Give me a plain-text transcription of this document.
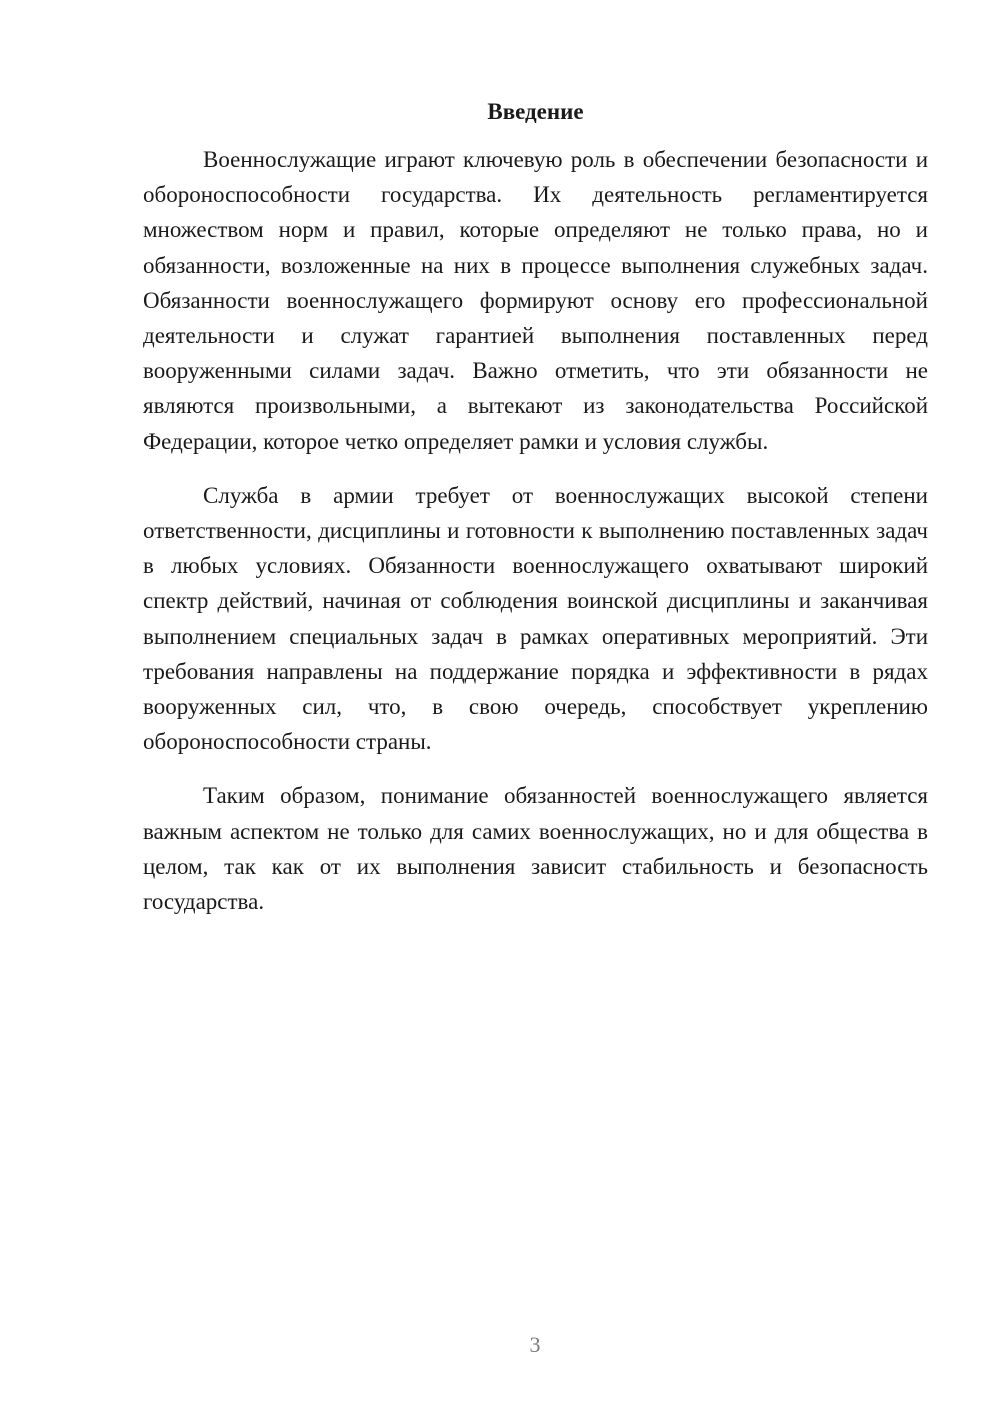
Введение

Военнослужащие играют ключевую роль в обеспечении безопасности и обороноспособности государства. Их деятельность регламентируется множеством норм и правил, которые определяют не только права, но и обязанности, возложенные на них в процессе выполнения служебных задач. Обязанности военнослужащего формируют основу его профессиональной деятельности и служат гарантией выполнения поставленных перед вооруженными силами задач. Важно отметить, что эти обязанности не являются произвольными, а вытекают из законодательства Российской Федерации, которое четко определяет рамки и условия службы.

Служба в армии требует от военнослужащих высокой степени ответственности, дисциплины и готовности к выполнению поставленных задач в любых условиях. Обязанности военнослужащего охватывают широкий спектр действий, начиная от соблюдения воинской дисциплины и заканчивая выполнением специальных задач в рамках оперативных мероприятий. Эти требования направлены на поддержание порядка и эффективности в рядах вооруженных сил, что, в свою очередь, способствует укреплению обороноспособности страны.

Таким образом, понимание обязанностей военнослужащего является важным аспектом не только для самих военнослужащих, но и для общества в целом, так как от их выполнения зависит стабильность и безопасность государства.

3
